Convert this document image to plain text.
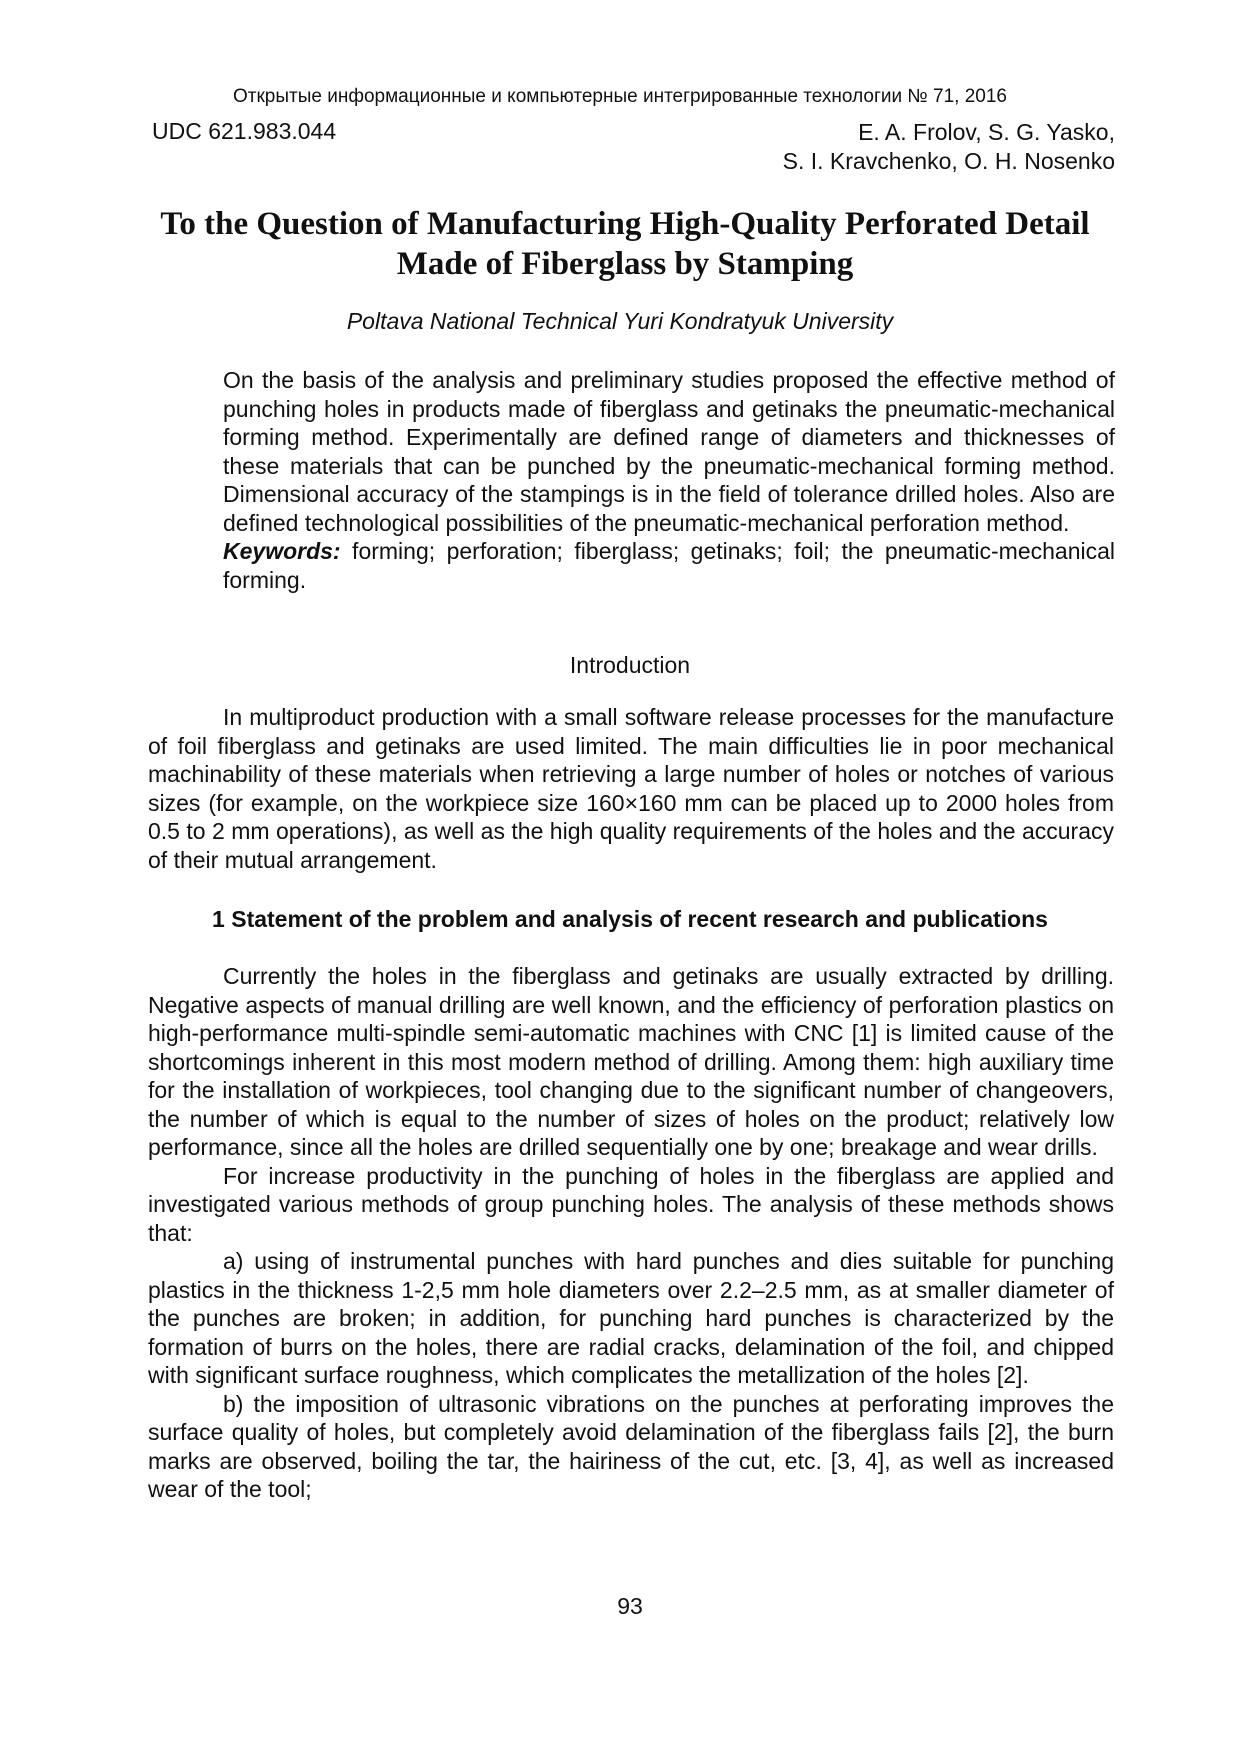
Открытые информационные и компьютерные интегрированные технологии № 71, 2016
UDC 621.983.044	E. A. Frolov, S. G. Yasko,
S. I. Kravchenko, O. H. Nosenko
To the Question of Manufacturing High-Quality Perforated Detail
Made of Fiberglass by Stamping
Poltava National Technical Yuri Kondratyuk University

On the basis of the analysis and preliminary studies proposed the effective method of punching holes in products made of fiberglass and getinaks the pneumatic-mechanical forming method. Experimentally are defined range of diameters and thicknesses of these materials that can be punched by the pneumatic-mechanical forming method. Dimensional accuracy of the stampings is in the field of tolerance drilled holes. Also are defined technological possibilities of the pneumatic-mechanical perforation method.

Keywords: forming; perforation; fiberglass; getinaks; foil; the pneumatic-mechanical forming.

Introduction

In multiproduct production with a small software release processes for the manufacture of foil fiberglass and getinaks are used limited. The main difficulties lie in poor mechanical machinability of these materials when retrieving a large number of holes or notches of various sizes (for example, on the workpiece size 160×160 mm can be placed up to 2000 holes from 0.5 to 2 mm operations), as well as the high quality requirements of the holes and the accuracy of their mutual arrangement.

1 Statement of the problem and analysis of recent research and publications

Currently the holes in the fiberglass and getinaks are usually extracted by drilling. Negative aspects of manual drilling are well known, and the efficiency of perforation plastics on high-performance multi-spindle semi-automatic machines with CNC [1] is limited cause of the shortcomings inherent in this most modern method of drilling. Among them: high auxiliary time for the installation of workpieces, tool changing due to the significant number of changeovers, the number of which is equal to the number of sizes of holes on the product; relatively low performance, since all the holes are drilled sequentially one by one; breakage and wear drills.

For increase productivity in the punching of holes in the fiberglass are applied and investigated various methods of group punching holes. The analysis of these methods shows that:

a) using of instrumental punches with hard punches and dies suitable for punching plastics in the thickness 1-2,5 mm hole diameters over 2.2–2.5 mm, as at smaller diameter of the punches are broken; in addition, for punching hard punches is characterized by the formation of burrs on the holes, there are radial cracks, delamination of the foil, and chipped with significant surface roughness, which complicates the metallization of the holes [2].

b) the imposition of ultrasonic vibrations on the punches at perforating improves the surface quality of holes, but completely avoid delamination of the fiberglass fails [2], the burn marks are observed, boiling the tar, the hairiness of the cut, etc. [3, 4], as well as increased wear of the tool;

93
